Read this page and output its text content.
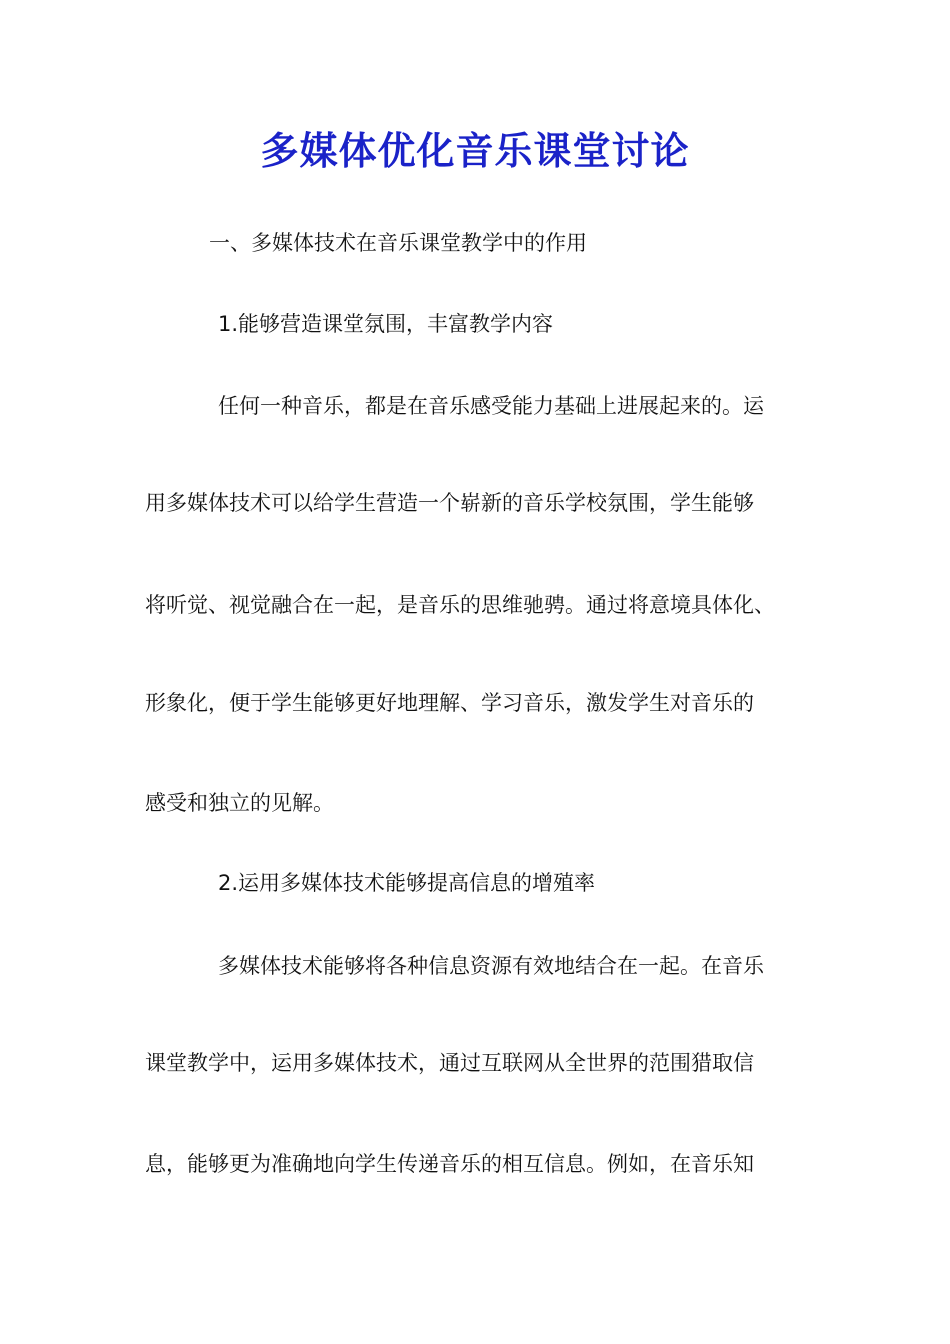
多媒体优化音乐课堂讨论
一、多媒体技术在音乐课堂教学中的作用
1.能够营造课堂氛围，丰富教学内容
任何一种音乐，都是在音乐感受能力基础上进展起来的。运
用多媒体技术可以给学生营造一个崭新的音乐学校氛围，学生能够
将听觉、视觉融合在一起，是音乐的思维驰骋。通过将意境具体化、
形象化，便于学生能够更好地理解、学习音乐，激发学生对音乐的
感受和独立的见解。
2.运用多媒体技术能够提高信息的增殖率
多媒体技术能够将各种信息资源有效地结合在一起。在音乐
课堂教学中，运用多媒体技术，通过互联网从全世界的范围猎取信
息，能够更为准确地向学生传递音乐的相互信息。例如，在音乐知
